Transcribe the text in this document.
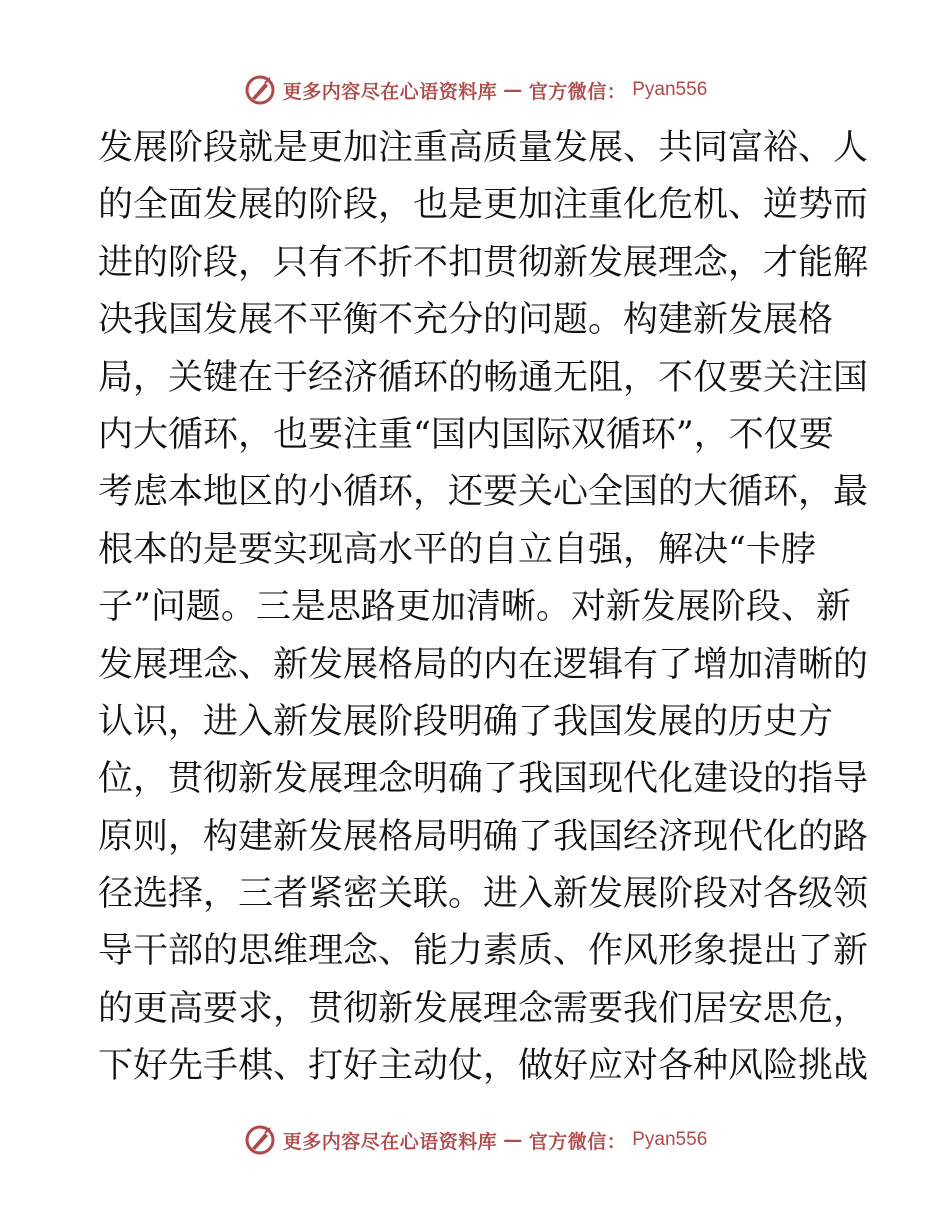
更多内容尽在心语资料库 — 官方微信： Pyan556
发展阶段就是更加注重高质量发展、共同富裕、人
的全面发展的阶段，也是更加注重化危机、逆势而
进的阶段，只有不折不扣贯彻新发展理念，才能解
决我国发展不平衡不充分的问题。构建新发展格
局，关键在于经济循环的畅通无阻，不仅要关注国
内大循环，也要注重“国内国际双循环”，不仅要
考虑本地区的小循环，还要关心全国的大循环，最
根本的是要实现高水平的自立自强，解决“卡脖
子”问题。三是思路更加清晰。对新发展阶段、新
发展理念、新发展格局的内在逻辑有了增加清晰的
认识，进入新发展阶段明确了我国发展的历史方
位，贯彻新发展理念明确了我国现代化建设的指导
原则，构建新发展格局明确了我国经济现代化的路
径选择，三者紧密关联。进入新发展阶段对各级领
导干部的思维理念、能力素质、作风形象提出了新
的更高要求，贯彻新发展理念需要我们居安思危，
下好先手棋、打好主动仗，做好应对各种风险挑战
更多内容尽在心语资料库 — 官方微信： Pyan556
